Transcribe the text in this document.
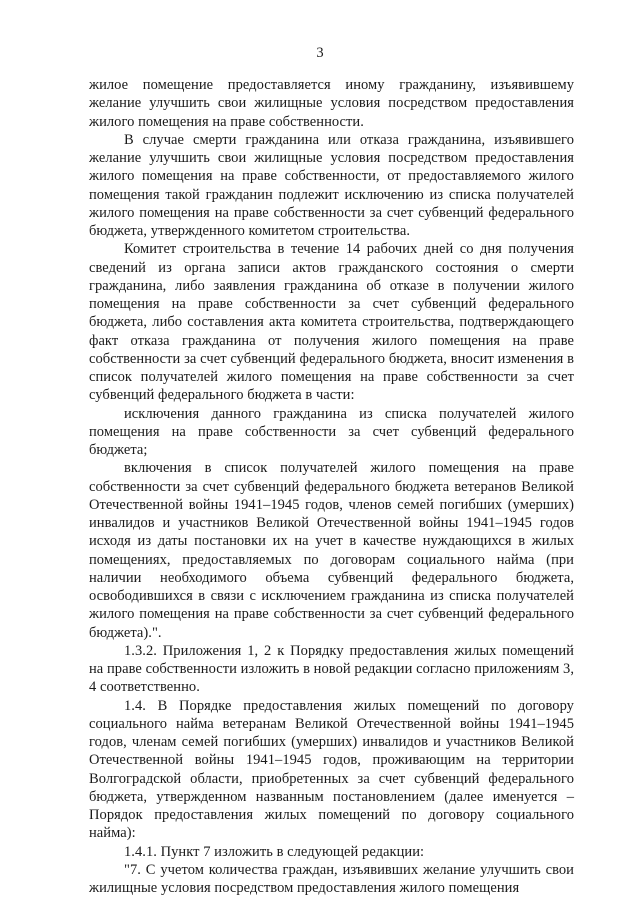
3

жилое помещение предоставляется иному гражданину, изъявившему желание улучшить свои жилищные условия посредством предоставления жилого помещения на праве собственности.

В случае смерти гражданина или отказа гражданина, изъявившего желание улучшить свои жилищные условия посредством предоставления жилого помещения на праве собственности, от предоставляемого жилого помещения такой гражданин подлежит исключению из списка получателей жилого помещения на праве собственности за счет субвенций федерального бюджета, утвержденного комитетом строительства.

Комитет строительства в течение 14 рабочих дней со дня получения сведений из органа записи актов гражданского состояния о смерти гражданина, либо заявления гражданина об отказе в получении жилого помещения на праве собственности за счет субвенций федерального бюджета, либо составления акта комитета строительства, подтверждающего факт отказа гражданина от получения жилого помещения на праве собственности за счет субвенций федерального бюджета, вносит изменения в список получателей жилого помещения на праве собственности за счет субвенций федерального бюджета в части:

исключения данного гражданина из списка получателей жилого помещения на праве собственности за счет субвенций федерального бюджета;

включения в список получателей жилого помещения на праве собственности за счет субвенций федерального бюджета ветеранов Великой Отечественной войны 1941–1945 годов, членов семей погибших (умерших) инвалидов и участников Великой Отечественной войны 1941–1945 годов исходя из даты постановки их на учет в качестве нуждающихся в жилых помещениях, предоставляемых по договорам социального найма (при наличии необходимого объема субвенций федерального бюджета, освободившихся в связи с исключением гражданина из списка получателей жилого помещения на праве собственности за счет субвенций федерального бюджета).".

1.3.2. Приложения 1, 2 к Порядку предоставления жилых помещений на праве собственности изложить в новой редакции согласно приложениям 3, 4 соответственно.

1.4. В Порядке предоставления жилых помещений по договору социального найма ветеранам Великой Отечественной войны 1941–1945 годов, членам семей погибших (умерших) инвалидов и участников Великой Отечественной войны 1941–1945 годов, проживающим на территории Волгоградской области, приобретенных за счет субвенций федерального бюджета, утвержденном названным постановлением (далее именуется – Порядок предоставления жилых помещений по договору социального найма):

1.4.1. Пункт 7 изложить в следующей редакции:

"7. С учетом количества граждан, изъявивших желание улучшить свои жилищные условия посредством предоставления жилого помещения
